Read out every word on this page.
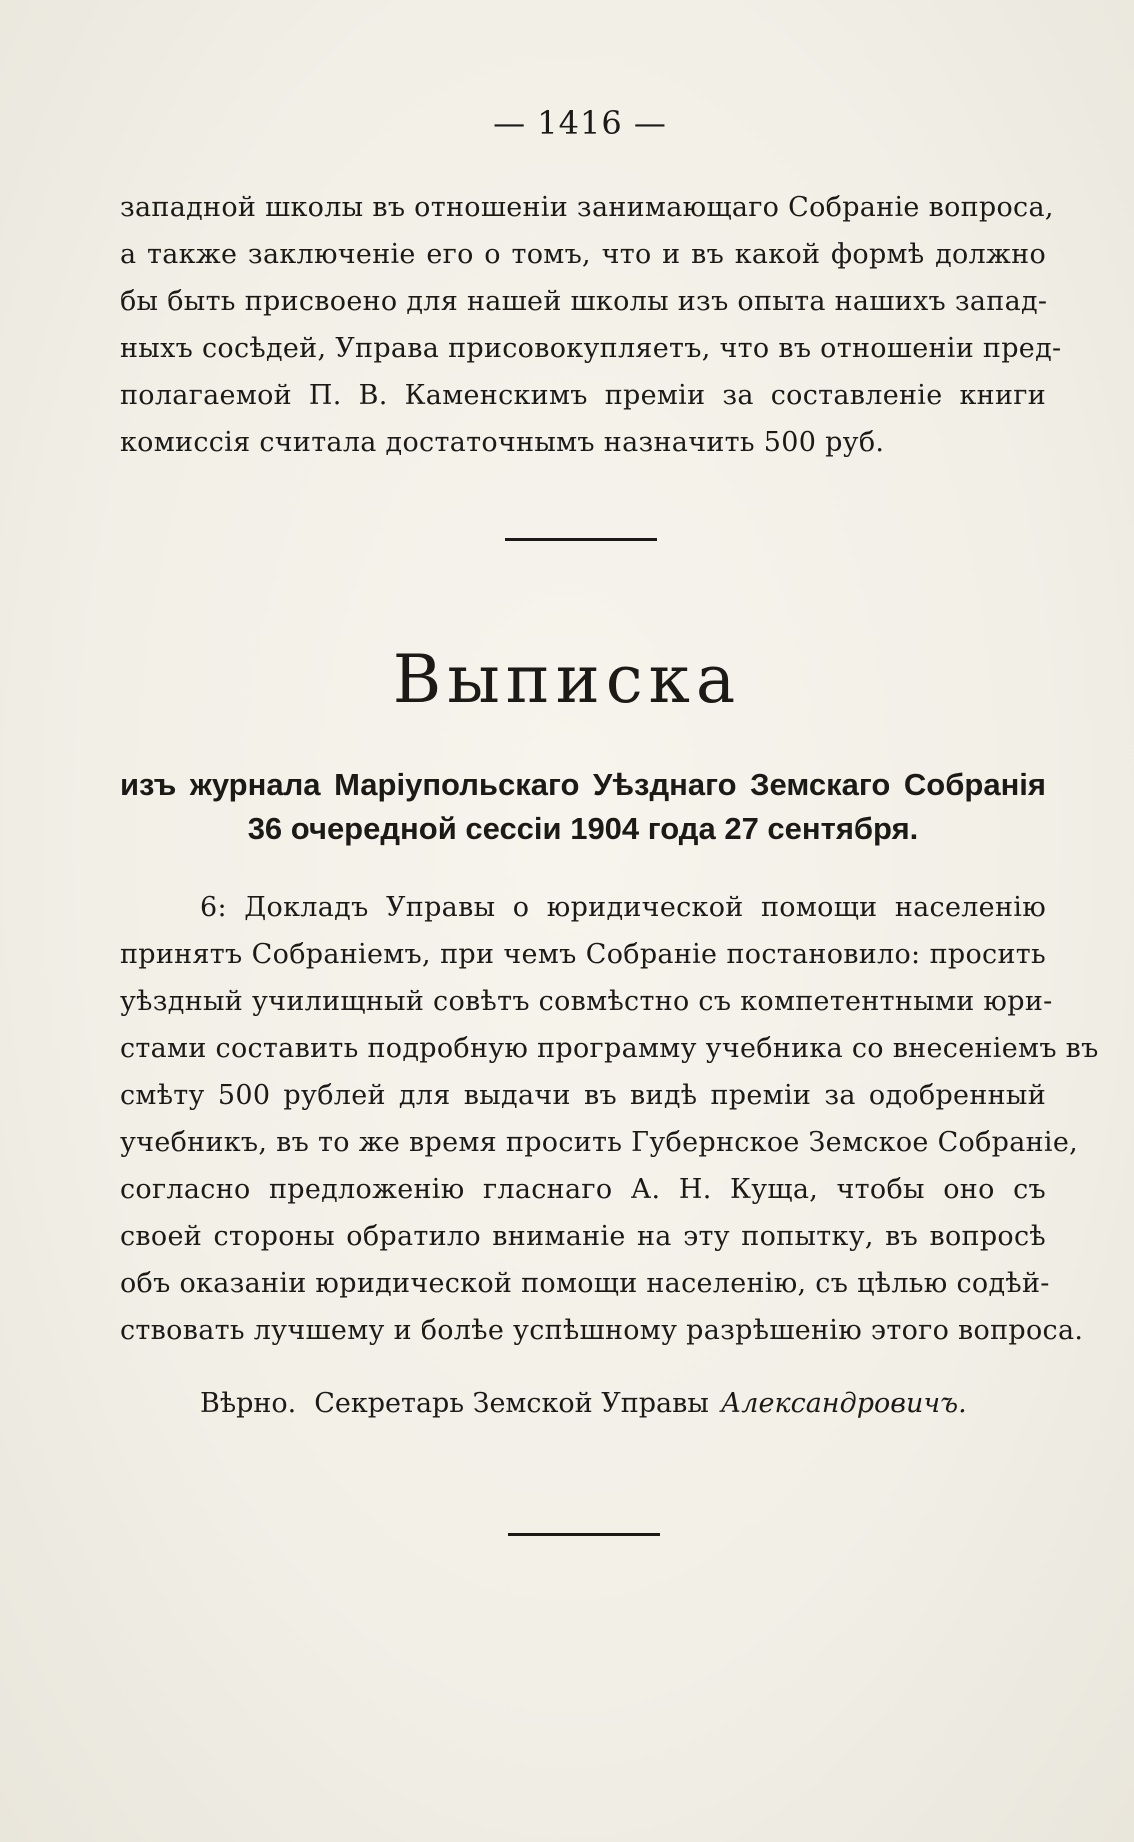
— 1416 —
западной школы въ отношеніи занимающаго Собраніе вопроса,
а также заключеніе его о томъ, что и въ какой формѣ должно
бы быть присвоено для нашей школы изъ опыта нашихъ запад-
ныхъ сосѣдей, Управа присовокупляетъ, что въ отношеніи пред-
полагаемой П. В. Каменскимъ преміи за составленіе книги
комиссія считала достаточнымъ назначить 500 руб.
Выписка
изъ журнала Маріупольскаго Уѣзднаго Земскаго Собранія
36 очередной сессіи 1904 года 27 сентября.
6: Докладъ Управы о юридической помощи населенію
принятъ Собраніемъ, при чемъ Собраніе постановило: просить
уѣздный училищный совѣтъ совмѣстно съ компетентными юри-
стами составить подробную программу учебника со внесеніемъ въ
смѣту 500 рублей для выдачи въ видѣ преміи за одобренный
учебникъ, въ то же время просить Губернское Земское Собраніе,
согласно предложенію гласнаго А. Н. Куща, чтобы оно съ
своей стороны обратило вниманіе на эту попытку, въ вопросѣ
объ оказаніи юридической помощи населенію, съ цѣлью содѣй-
ствовать лучшему и болѣе успѣшному разрѣшенію этого вопроса.
Вѣрно. Секретарь Земской Управы Александровичъ.
